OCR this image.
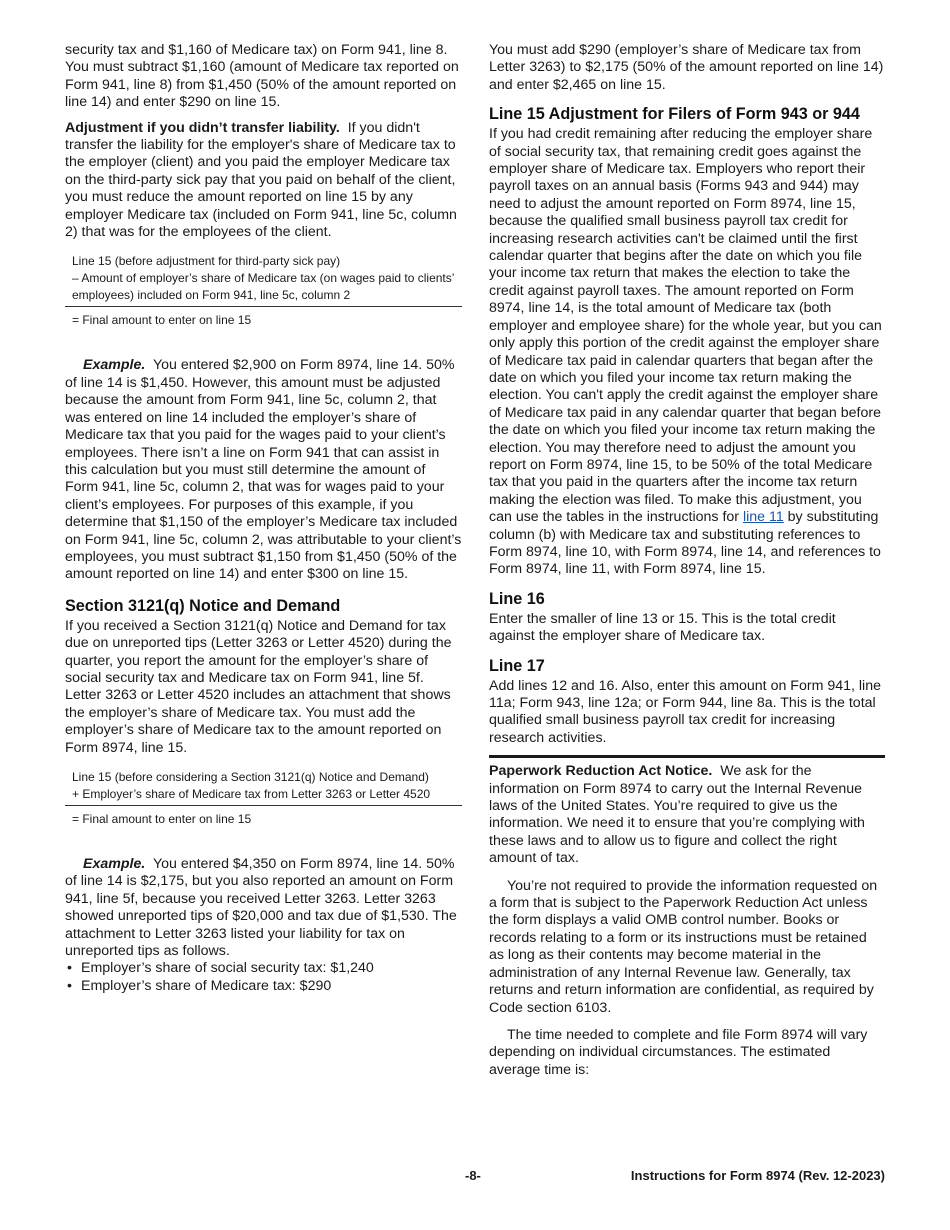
security tax and $1,160 of Medicare tax) on Form 941, line 8. You must subtract $1,160 (amount of Medicare tax reported on Form 941, line 8) from $1,450 (50% of the amount reported on line 14) and enter $290 on line 15.

Adjustment if you didn’t transfer liability. If you didn't transfer the liability for the employer's share of Medicare tax to the employer (client) and you paid the employer Medicare tax on the third-party sick pay that you paid on behalf of the client, you must reduce the amount reported on line 15 by any employer Medicare tax (included on Form 941, line 5c, column 2) that was for the employees of the client.

Line 15 (before adjustment for third-party sick pay)
– Amount of employer’s share of Medicare tax (on wages paid to clients’ employees) included on Form 941, line 5c, column 2
= Final amount to enter on line 15

Example. You entered $2,900 on Form 8974, line 14. 50% of line 14 is $1,450. However, this amount must be adjusted because the amount from Form 941, line 5c, column 2, that was entered on line 14 included the employer’s share of Medicare tax that you paid for the wages paid to your client’s employees. There isn’t a line on Form 941 that can assist in this calculation but you must still determine the amount of Form 941, line 5c, column 2, that was for wages paid to your client’s employees. For purposes of this example, if you determine that $1,150 of the employer’s Medicare tax included on Form 941, line 5c, column 2, was attributable to your client’s employees, you must subtract $1,150 from $1,450 (50% of the amount reported on line 14) and enter $300 on line 15.

Section 3121(q) Notice and Demand

If you received a Section 3121(q) Notice and Demand for tax due on unreported tips (Letter 3263 or Letter 4520) during the quarter, you report the amount for the employer’s share of social security tax and Medicare tax on Form 941, line 5f. Letter 3263 or Letter 4520 includes an attachment that shows the employer’s share of Medicare tax. You must add the employer’s share of Medicare tax to the amount reported on Form 8974, line 15.

Line 15 (before considering a Section 3121(q) Notice and Demand)
+ Employer’s share of Medicare tax from Letter 3263 or Letter 4520
= Final amount to enter on line 15

Example. You entered $4,350 on Form 8974, line 14. 50% of line 14 is $2,175, but you also reported an amount on Form 941, line 5f, because you received Letter 3263. Letter 3263 showed unreported tips of $20,000 and tax due of $1,530. The attachment to Letter 3263 listed your liability for tax on unreported tips as follows.

• Employer’s share of social security tax: $1,240
• Employer’s share of Medicare tax: $290

You must add $290 (employer’s share of Medicare tax from Letter 3263) to $2,175 (50% of the amount reported on line 14) and enter $2,465 on line 15.

Line 15 Adjustment for Filers of Form 943 or 944

If you had credit remaining after reducing the employer share of social security tax, that remaining credit goes against the employer share of Medicare tax. Employers who report their payroll taxes on an annual basis (Forms 943 and 944) may need to adjust the amount reported on Form 8974, line 15, because the qualified small business payroll tax credit for increasing research activities can't be claimed until the first calendar quarter that begins after the date on which you file your income tax return that makes the election to take the credit against payroll taxes. The amount reported on Form 8974, line 14, is the total amount of Medicare tax (both employer and employee share) for the whole year, but you can only apply this portion of the credit against the employer share of Medicare tax paid in calendar quarters that began after the date on which you filed your income tax return making the election. You can't apply the credit against the employer share of Medicare tax paid in any calendar quarter that began before the date on which you filed your income tax return making the election. You may therefore need to adjust the amount you report on Form 8974, line 15, to be 50% of the total Medicare tax that you paid in the quarters after the income tax return making the election was filed. To make this adjustment, you can use the tables in the instructions for line 11 by substituting column (b) with Medicare tax and substituting references to Form 8974, line 10, with Form 8974, line 14, and references to Form 8974, line 11, with Form 8974, line 15.

Line 16

Enter the smaller of line 13 or 15. This is the total credit against the employer share of Medicare tax.

Line 17

Add lines 12 and 16. Also, enter this amount on Form 941, line 11a; Form 943, line 12a; or Form 944, line 8a. This is the total qualified small business payroll tax credit for increasing research activities.

Paperwork Reduction Act Notice. We ask for the information on Form 8974 to carry out the Internal Revenue laws of the United States. You’re required to give us the information. We need it to ensure that you’re complying with these laws and to allow us to figure and collect the right amount of tax.

You’re not required to provide the information requested on a form that is subject to the Paperwork Reduction Act unless the form displays a valid OMB control number. Books or records relating to a form or its instructions must be retained as long as their contents may become material in the administration of any Internal Revenue law. Generally, tax returns and return information are confidential, as required by Code section 6103.

The time needed to complete and file Form 8974 will vary depending on individual circumstances. The estimated average time is:

-8-	Instructions for Form 8974 (Rev. 12-2023)
